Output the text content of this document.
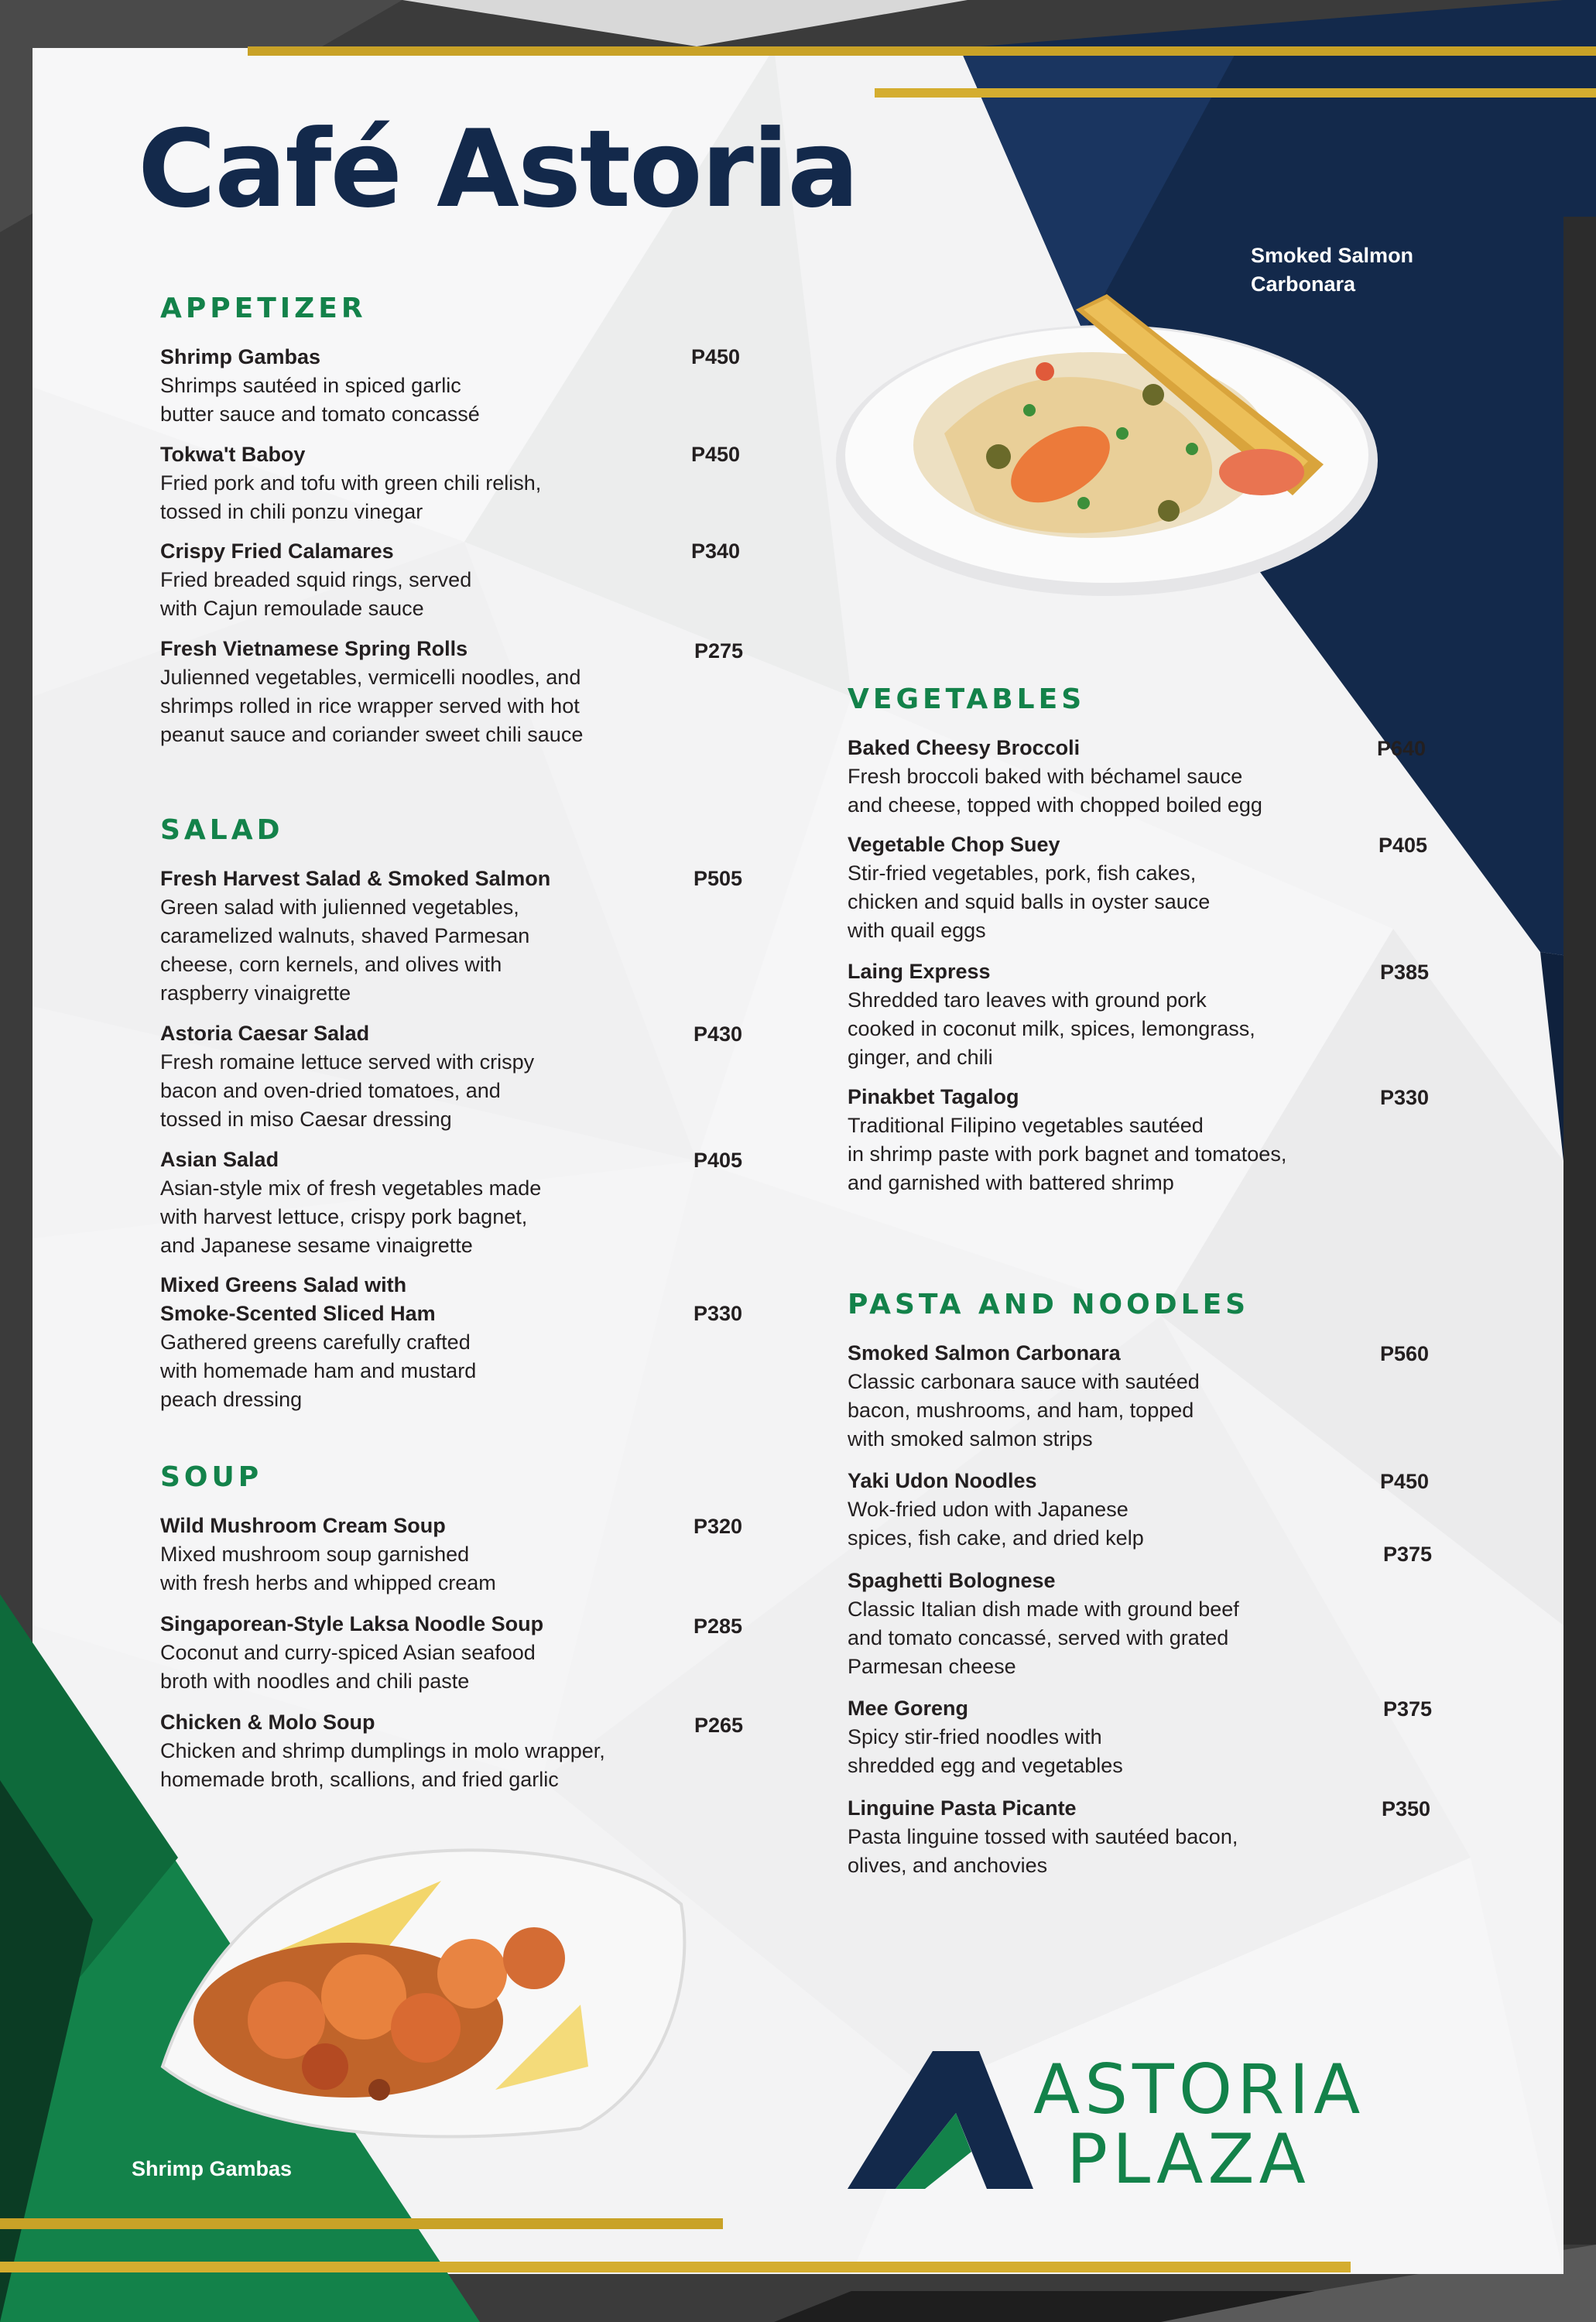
Café Astoria
Smoked Salmon
Carbonara
Shrimp Gambas
ASTORIA
PLAZA
APPETIZER
Shrimp Gambas
Shrimps sautéed in spiced garlic
butter sauce and tomato concassé
P450
Tokwa't Baboy
Fried pork and tofu with green chili relish,
tossed in chili ponzu vinegar
P450
Crispy Fried Calamares
Fried breaded squid rings, served
with Cajun remoulade sauce
P340
Fresh Vietnamese Spring Rolls
Julienned vegetables, vermicelli noodles, and
shrimps rolled in rice wrapper served with hot
peanut sauce and coriander sweet chili sauce
P275
SALAD
Fresh Harvest Salad & Smoked Salmon
Green salad with julienned vegetables,
caramelized walnuts, shaved Parmesan
cheese, corn kernels, and olives with
raspberry vinaigrette
P505
Astoria Caesar Salad
Fresh romaine lettuce served with crispy
bacon and oven-dried tomatoes, and
tossed in miso Caesar dressing
P430
Asian Salad
Asian-style mix of fresh vegetables made
with harvest lettuce, crispy pork bagnet,
and Japanese sesame vinaigrette
P405
Mixed Greens Salad with
Smoke-Scented Sliced Ham
Gathered greens carefully crafted
with homemade ham and mustard
peach dressing
P330
SOUP
Wild Mushroom Cream Soup
Mixed mushroom soup garnished
with fresh herbs and whipped cream
P320
Singaporean-Style Laksa Noodle Soup
Coconut and curry-spiced Asian seafood
broth with noodles and chili paste
P285
Chicken & Molo Soup
Chicken and shrimp dumplings in molo wrapper,
homemade broth, scallions, and fried garlic
P265
VEGETABLES
Baked Cheesy Broccoli
Fresh broccoli baked with béchamel sauce
and cheese, topped with chopped boiled egg
P640
Vegetable Chop Suey
Stir-fried vegetables, pork, fish cakes,
chicken and squid balls in oyster sauce
with quail eggs
P405
Laing Express
Shredded taro leaves with ground pork
cooked in coconut milk, spices, lemongrass,
ginger, and chili
P385
Pinakbet Tagalog
Traditional Filipino vegetables sautéed
in shrimp paste with pork bagnet and tomatoes,
and garnished with battered shrimp
P330
PASTA AND NOODLES
Smoked Salmon Carbonara
Classic carbonara sauce with sautéed
bacon, mushrooms, and ham, topped
with smoked salmon strips
P560
Yaki Udon Noodles
Wok-fried udon with Japanese
spices, fish cake, and dried kelp
P450
Spaghetti Bolognese
Classic Italian dish made with ground beef
and tomato concassé, served with grated
Parmesan cheese
P375
Mee Goreng
Spicy stir-fried noodles with
shredded egg and vegetables
P375
Linguine Pasta Picante
Pasta linguine tossed with sautéed bacon,
olives, and anchovies
P350
